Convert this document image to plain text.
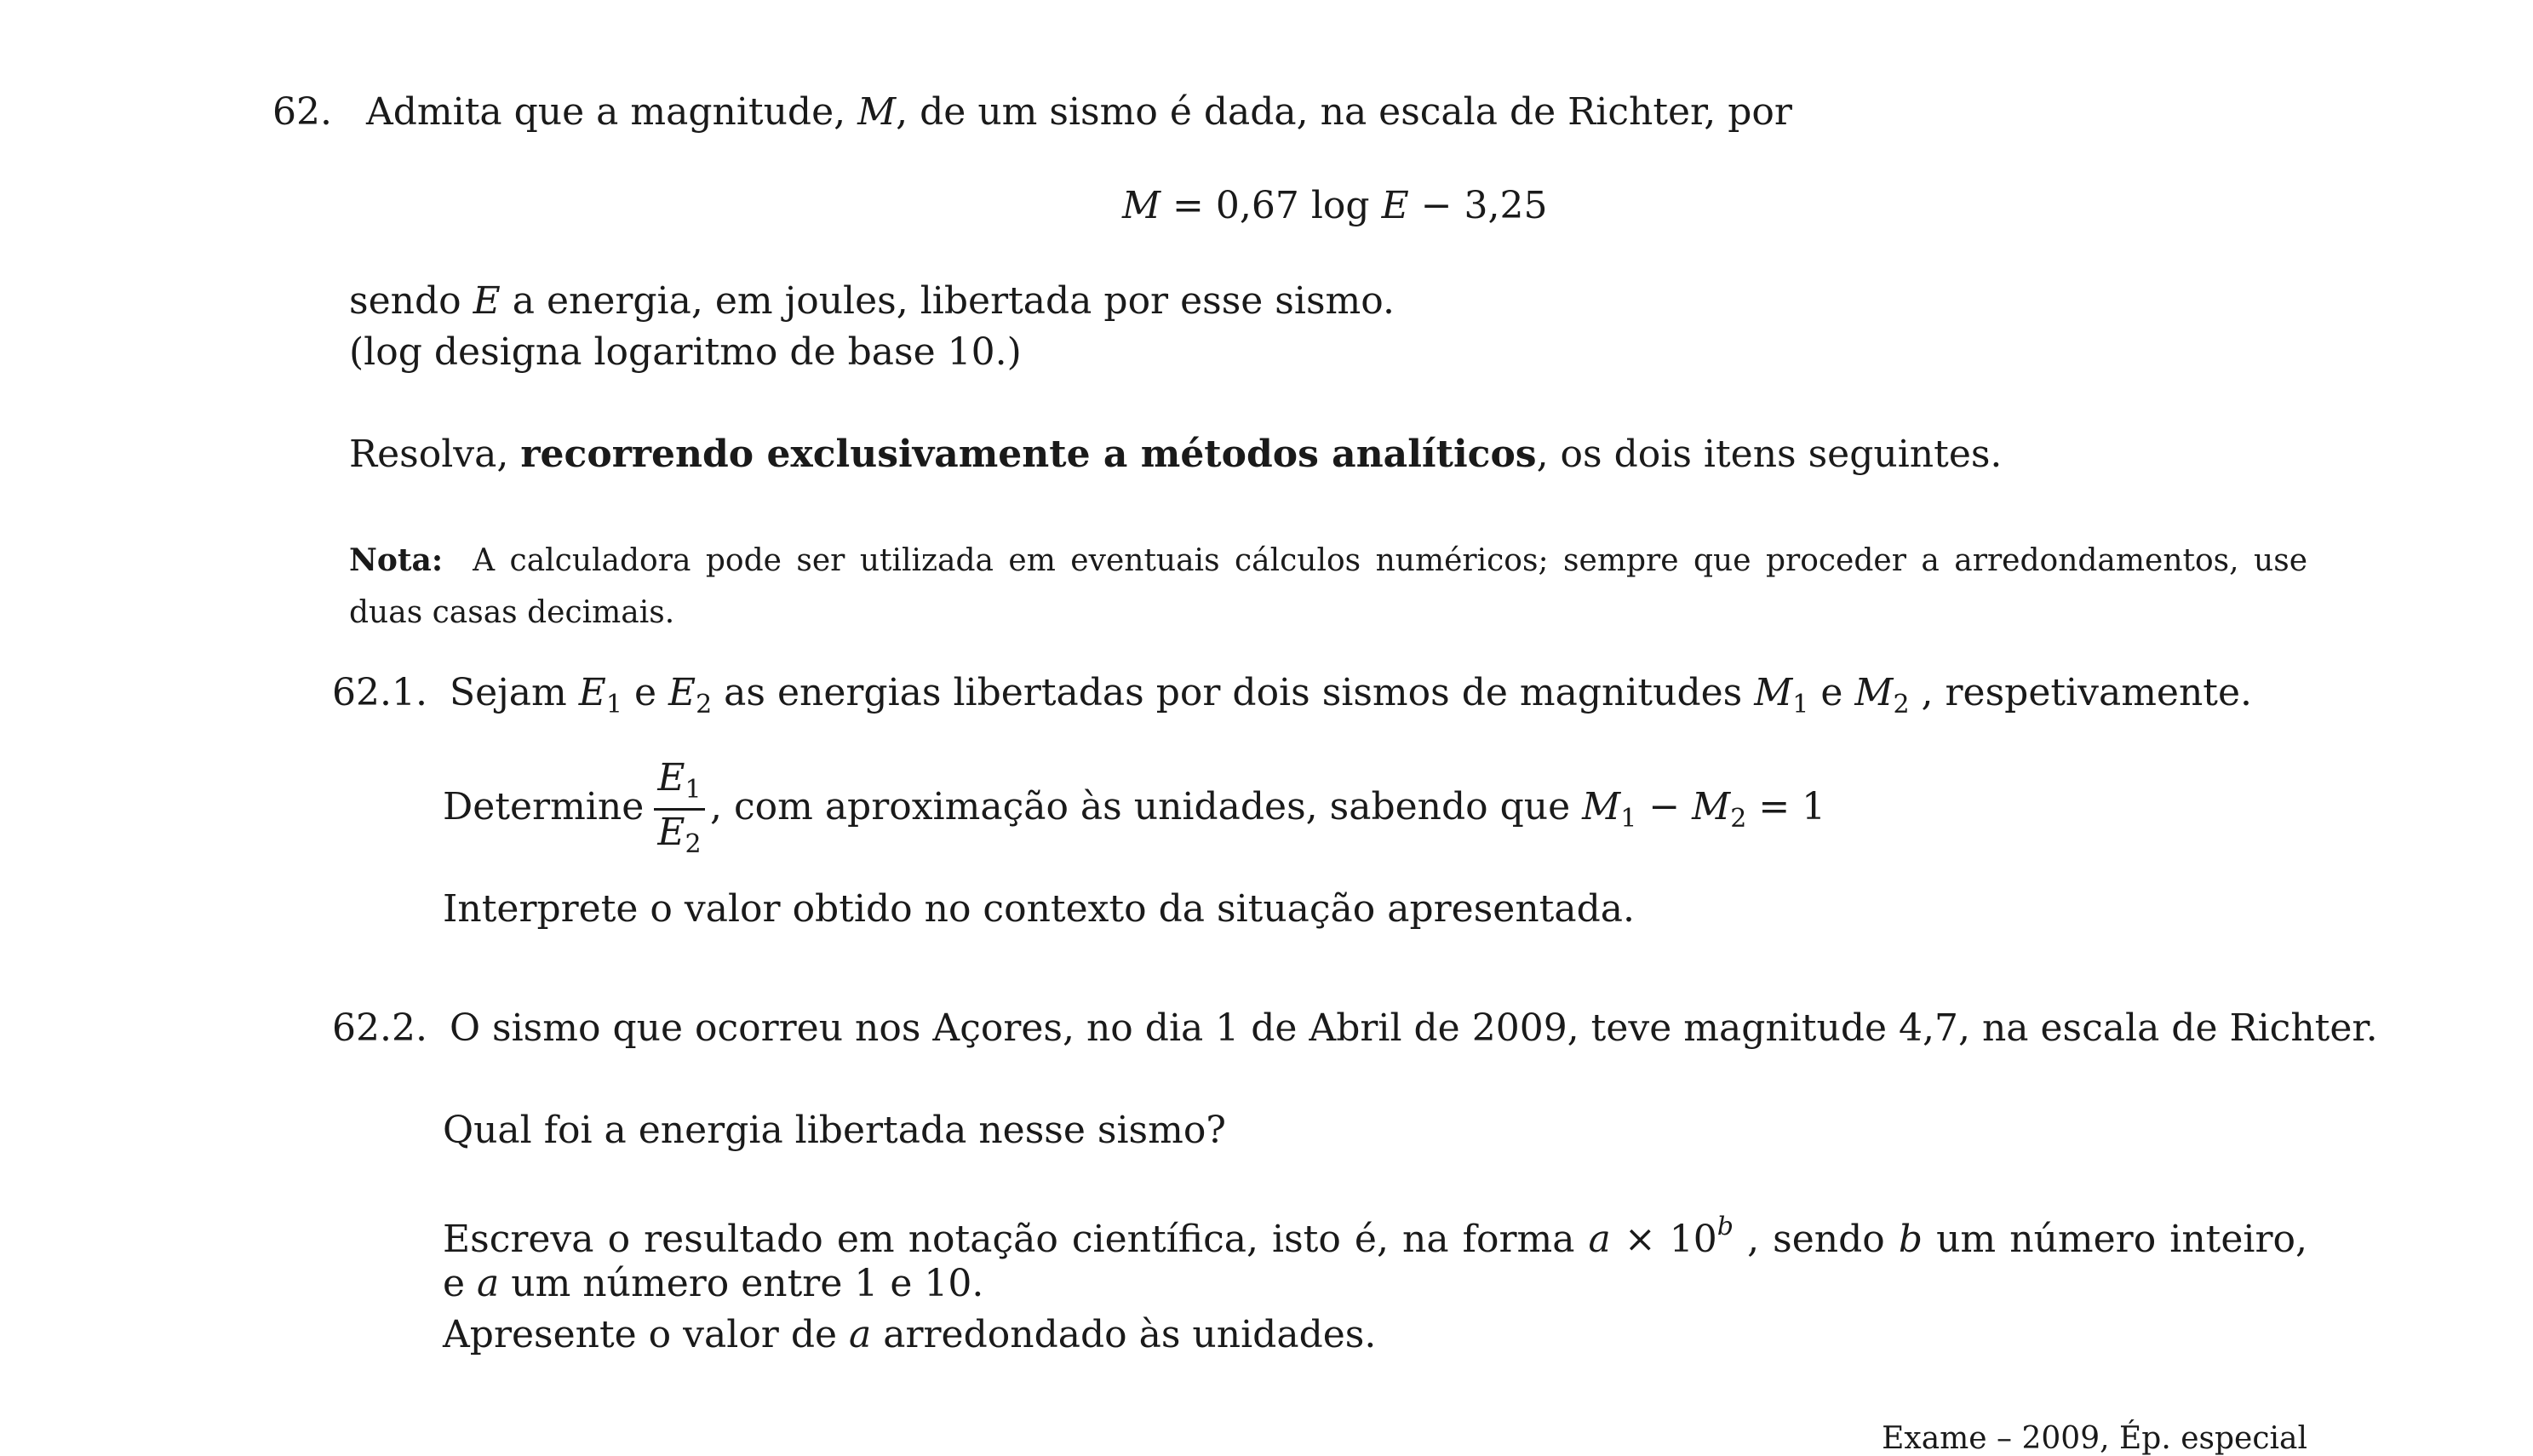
62. Admita que a magnitude, M, de um sismo é dada, na escala de Richter, por
M = 0,67 log E − 3,25
sendo E a energia, em joules, libertada por esse sismo.
(log designa logaritmo de base 10.)
Resolva, recorrendo exclusivamente a métodos analíticos, os dois itens seguintes.
Nota: A calculadora pode ser utilizada em eventuais cálculos numéricos; sempre que proceder a arredondamentos, use
duas casas decimais.
62.1. Sejam $E_1$ e $E_2$ as energias libertadas por dois sismos de magnitudes $M_1$ e $M_2$ , respetivamente.
Determine
$E_1$
$E_2$
, com aproximação às unidades, sabendo que $M_1 - M_2 = 1$
Interprete o valor obtido no contexto da situação apresentada.
62.2. O sismo que ocorreu nos Açores, no dia 1 de Abril de 2009, teve magnitude 4,7, na escala de Richter.
Qual foi a energia libertada nesse sismo?
Escreva o resultado em notação científica, isto é, na forma $a \times 10^b$ , sendo b um número inteiro,
e a um número entre 1 e 10.
Apresente o valor de a arredondado às unidades.
Exame – 2009, Ép. especial
